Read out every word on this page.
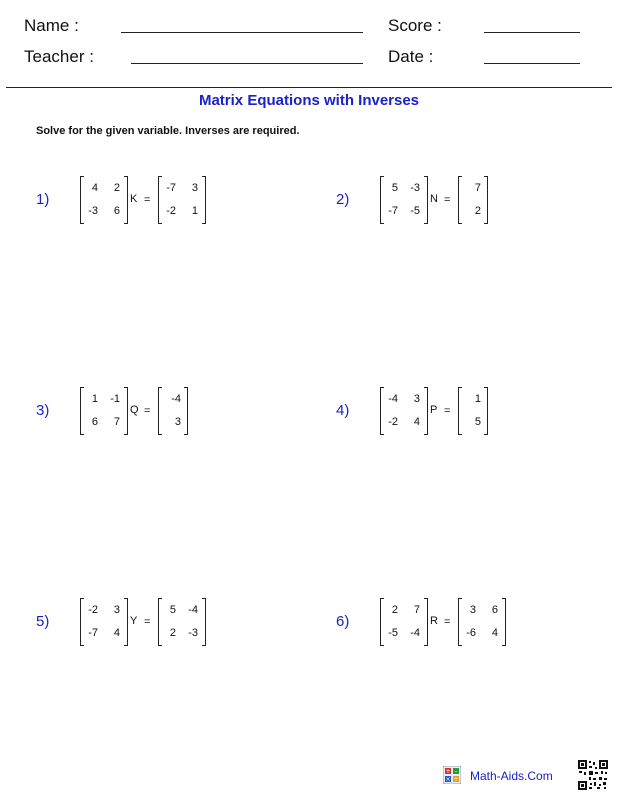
Name :	Score :
Teacher :	Date :
Matrix Equations with Inverses
Solve for the given variable. Inverses are required.
1)
4	2
-3	6
K =
-7	3
-2	1
2)
5	-3
-7	-5
N =
7
2
3)
1	-1
6	7
Q =
-4
3
4)
-4	3
-2	4
P =
1
5
5)
-2	3
-7	4
Y =
5	-4
2	-3
6)
2	7
-5	-4
R =
3	6
-6	4
+ -
× ÷ Math-Aids.Com
